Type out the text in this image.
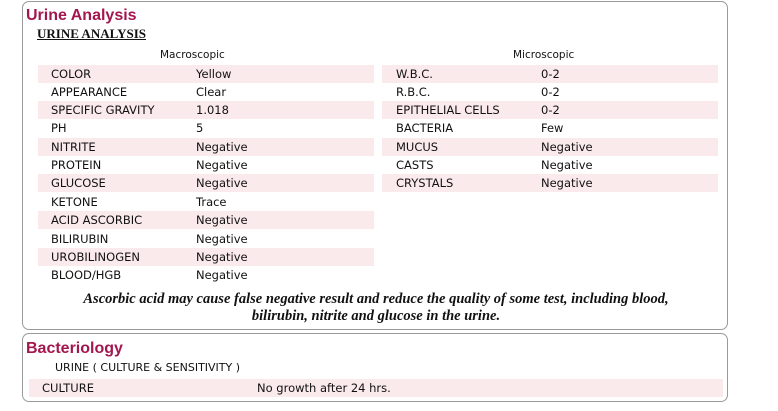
Urine Analysis
URINE ANALYSIS
Macroscopic	Microscopic
COLOR	Yellow
APPEARANCE	Clear
SPECIFIC GRAVITY	1.018
PH	5
NITRITE	Negative
PROTEIN	Negative
GLUCOSE	Negative
KETONE	Trace
ACID ASCORBIC	Negative
BILIRUBIN	Negative
UROBILINOGEN	Negative
BLOOD/HGB	Negative
W.B.C.	0-2
R.B.C.	0-2
EPITHELIAL CELLS	0-2
BACTERIA	Few
MUCUS	Negative
CASTS	Negative
CRYSTALS	Negative
Ascorbic acid may cause false negative result and reduce the quality of some test, including blood,
bilirubin, nitrite and glucose in the urine.
Bacteriology
URINE ( CULTURE & SENSITIVITY )
CULTURE	No growth after 24 hrs.
